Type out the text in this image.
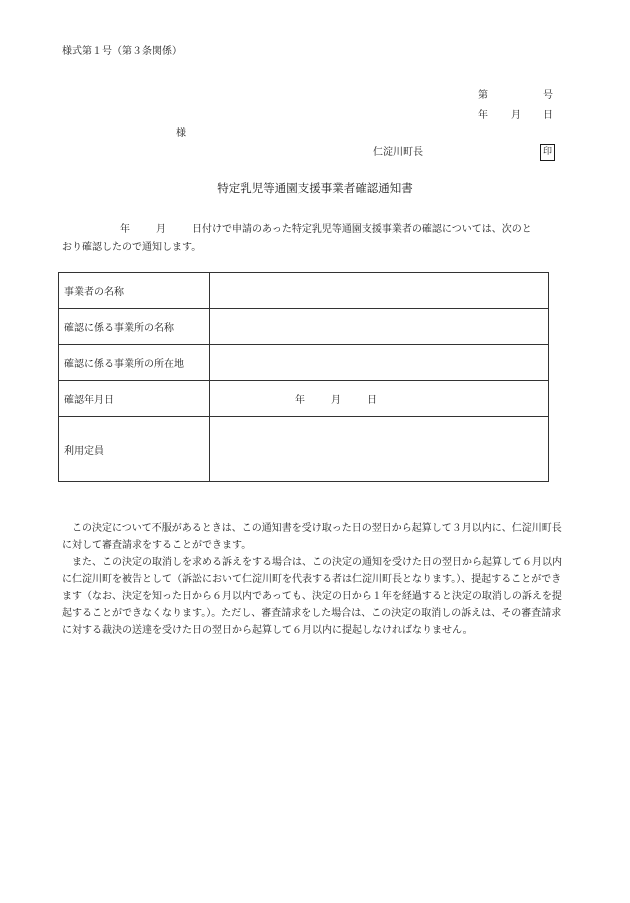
様式第１号（第３条関係）
第	号
年 月 日
様
仁淀川町長	印
特定乳児等通園支援事業者確認通知書
年	月	日付けで申請のあった特定乳児等通園支援事業者の確認については、次のと
おり確認したので通知します。
事業者の名称	
確認に係る事業所の名称	
確認に係る事業所の所在地	
確認年月日	年 月 日
利用定員	

　この決定について不服があるときは、この通知書を受け取った日の翌日から起算して３月以内に、仁淀川町長
に対して審査請求をすることができます。

　また、この決定の取消しを求める訴えをする場合は、この決定の通知を受けた日の翌日から起算して６月以内
に仁淀川町を被告として（訴訟において仁淀川町を代表する者は仁淀川町長となります。）、提起することができ
ます（なお、決定を知った日から６月以内であっても、決定の日から１年を経過すると決定の取消しの訴えを提
起することができなくなります。）。ただし、審査請求をした場合は、この決定の取消しの訴えは、その審査請求
に対する裁決の送達を受けた日の翌日から起算して６月以内に提起しなければなりません。
